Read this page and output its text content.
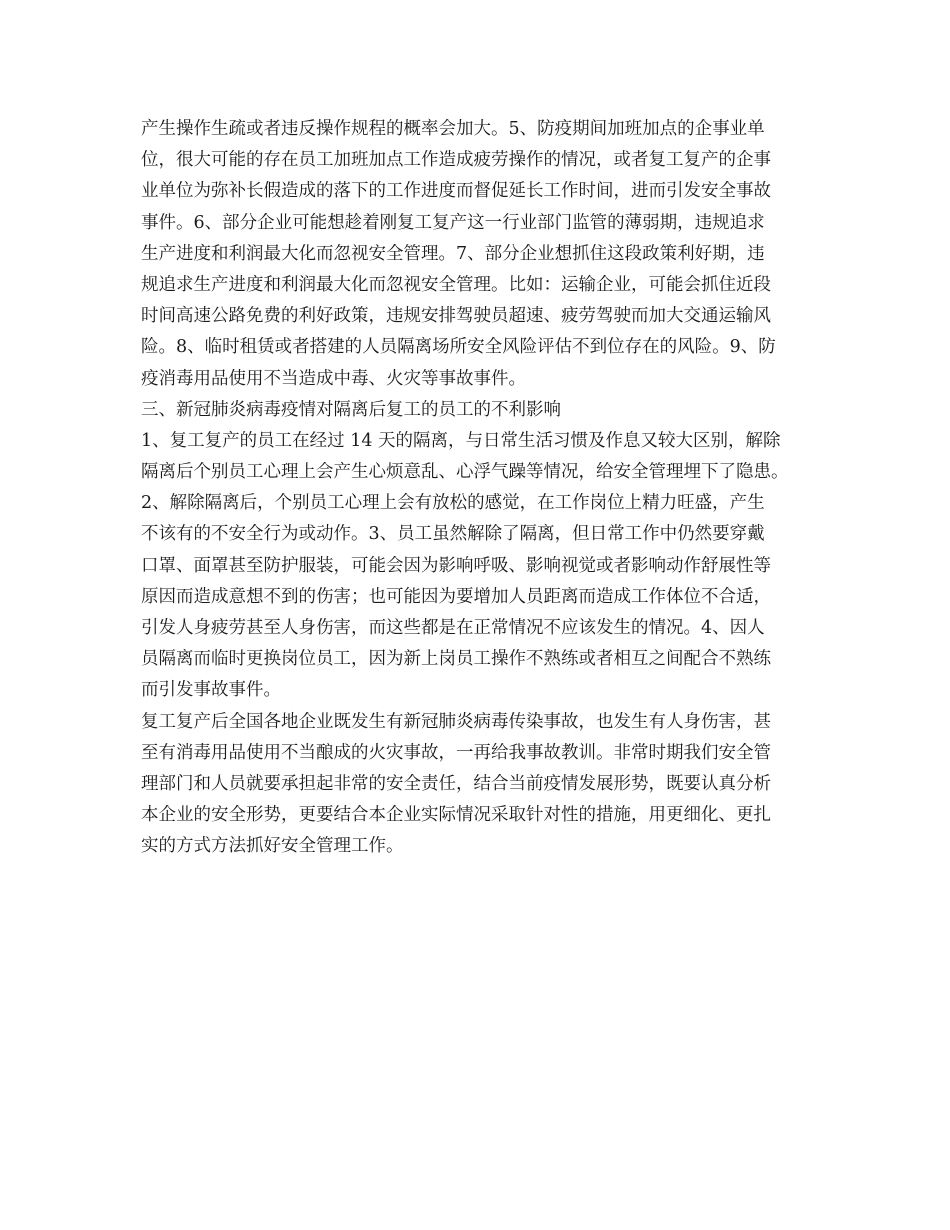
产生操作生疏或者违反操作规程的概率会加大。5、防疫期间加班加点的企事业单
位，很大可能的存在员工加班加点工作造成疲劳操作的情况，或者复工复产的企事
业单位为弥补长假造成的落下的工作进度而督促延长工作时间，进而引发安全事故
事件。6、部分企业可能想趁着刚复工复产这一行业部门监管的薄弱期，违规追求
生产进度和利润最大化而忽视安全管理。7、部分企业想抓住这段政策利好期，违
规追求生产进度和利润最大化而忽视安全管理。比如：运输企业，可能会抓住近段
时间高速公路免费的利好政策，违规安排驾驶员超速、疲劳驾驶而加大交通运输风
险。8、临时租赁或者搭建的人员隔离场所安全风险评估不到位存在的风险。9、防
疫消毒用品使用不当造成中毒、火灾等事故事件。
三、新冠肺炎病毒疫情对隔离后复工的员工的不利影响
1、复工复产的员工在经过 14 天的隔离，与日常生活习惯及作息又较大区别，解除
隔离后个别员工心理上会产生心烦意乱、心浮气躁等情况，给安全管理埋下了隐患。
2、解除隔离后，个别员工心理上会有放松的感觉，在工作岗位上精力旺盛，产生
不该有的不安全行为或动作。3、员工虽然解除了隔离，但日常工作中仍然要穿戴
口罩、面罩甚至防护服装，可能会因为影响呼吸、影响视觉或者影响动作舒展性等
原因而造成意想不到的伤害；也可能因为要增加人员距离而造成工作体位不合适，
引发人身疲劳甚至人身伤害，而这些都是在正常情况不应该发生的情况。4、因人
员隔离而临时更换岗位员工，因为新上岗员工操作不熟练或者相互之间配合不熟练
而引发事故事件。
复工复产后全国各地企业既发生有新冠肺炎病毒传染事故，也发生有人身伤害，甚
至有消毒用品使用不当酿成的火灾事故，一再给我事故教训。非常时期我们安全管
理部门和人员就要承担起非常的安全责任，结合当前疫情发展形势，既要认真分析
本企业的安全形势，更要结合本企业实际情况采取针对性的措施，用更细化、更扎
实的方式方法抓好安全管理工作。
